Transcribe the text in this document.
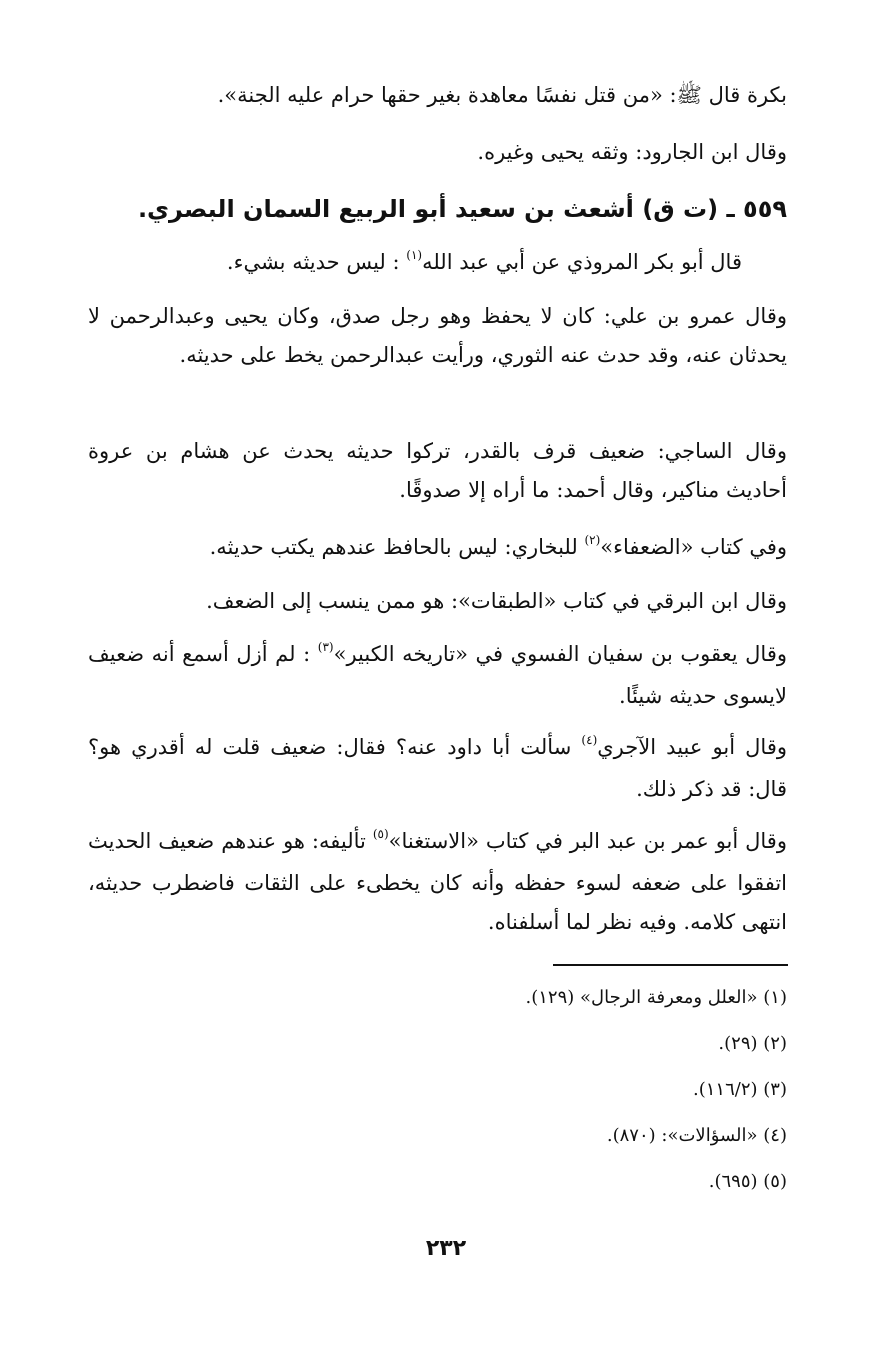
بكرة قال ﷺ: «من قتل نفسًا معاهدة بغير حقها حرام عليه الجنة».

وقال ابن الجارود: وثقه يحيى وغيره.

٥٥٩ ـ (ت ق) أشعث بن سعيد أبو الربيع السمان البصري.

قال أبو بكر المروذي عن أبي عبد الله$^{(١)}$ : ليس حديثه بشيء.

وقال عمرو بن علي: كان لا يحفظ وهو رجل صدق، وكان يحيى وعبدالرحمن لا يحدثان عنه، وقد حدث عنه الثوري، ورأيت عبدالرحمن يخط على حديثه.

وقال الساجي: ضعيف قرف بالقدر، تركوا حديثه يحدث عن هشام بن عروة أحاديث مناكير، وقال أحمد: ما أراه إلا صدوقًا.

وفي كتاب «الضعفاء»$^{(٢)}$ للبخاري: ليس بالحافظ عندهم يكتب حديثه.

وقال ابن البرقي في كتاب «الطبقات»: هو ممن ينسب إلى الضعف.

وقال يعقوب بن سفيان الفسوي في «تاريخه الكبير»$^{(٣)}$ : لم أزل أسمع أنه ضعيف لايسوى حديثه شيئًا.

وقال أبو عبيد الآجري$^{(٤)}$ سألت أبا داود عنه؟ فقال: ضعيف قلت له أقدري هو؟ قال: قد ذكر ذلك.

وقال أبو عمر بن عبد البر في كتاب «الاستغنا»$^{(٥)}$ تأليفه: هو عندهم ضعيف الحديث اتفقوا على ضعفه لسوء حفظه وأنه كان يخطىء على الثقات فاضطرب حديثه، انتهى كلامه. وفيه نظر لما أسلفناه.

(١) «العلل ومعرفة الرجال» (١٢٩).
(٢) (٢٩).
(٣) (١١٦/٢).
(٤) «السؤالات»: (٨٧٠).
(٥) (٦٩٥).
٢٣٢
